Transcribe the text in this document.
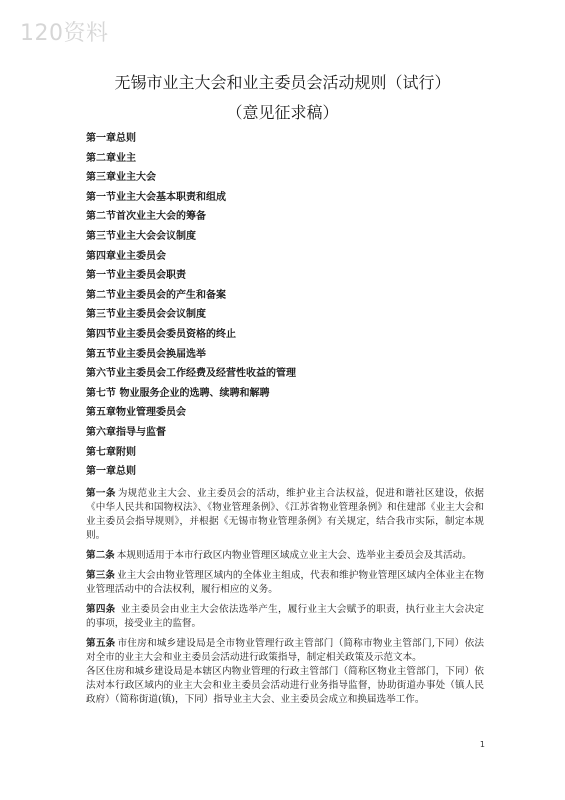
120资料
无锡市业主大会和业主委员会活动规则（试行）
（意见征求稿）
第一章总则
第二章业主
第三章业主大会
第一节业主大会基本职责和组成
第二节首次业主大会的筹备
第三节业主大会会议制度
第四章业主委员会
第一节业主委员会职责
第二节业主委员会的产生和备案
第三节业主委员会会议制度
第四节业主委员会委员资格的终止
第五节业主委员会换届选举
第六节业主委员会工作经费及经营性收益的管理
第七节 物业服务企业的选聘、续聘和解聘
第五章物业管理委员会
第六章指导与监督
第七章附则
第一章总则

第一条 为规范业主大会、业主委员会的活动，维护业主合法权益，促进和谐社区建设，依据《中华人民共和国物权法》、《物业管理条例》、《江苏省物业管理条例》和住建部《业主大会和业主委员会指导规则》，并根据《无锡市物业管理条例》有关规定，结合我市实际，制定本规则。

第二条 本规则适用于本市行政区内物业管理区域成立业主大会、选举业主委员会及其活动。

第三条 业主大会由物业管理区域内的全体业主组成，代表和维护物业管理区域内全体业主在物业管理活动中的合法权利，履行相应的义务。

第四条 业主委员会由业主大会依法选举产生，履行业主大会赋予的职责，执行业主大会决定的事项，接受业主的监督。

第五条 市住房和城乡建设局是全市物业管理行政主管部门（简称市物业主管部门,下同）依法对全市的业主大会和业主委员会活动进行政策指导，制定相关政策及示范文本。

各区住房和城乡建设局是本辖区内物业管理的行政主管部门（简称区物业主管部门，下同）依法对本行政区域内的业主大会和业主委员会活动进行业务指导监督，协助街道办事处（镇人民政府）（简称街道(镇)，下同）指导业主大会、业主委员会成立和换届选举工作。

1
